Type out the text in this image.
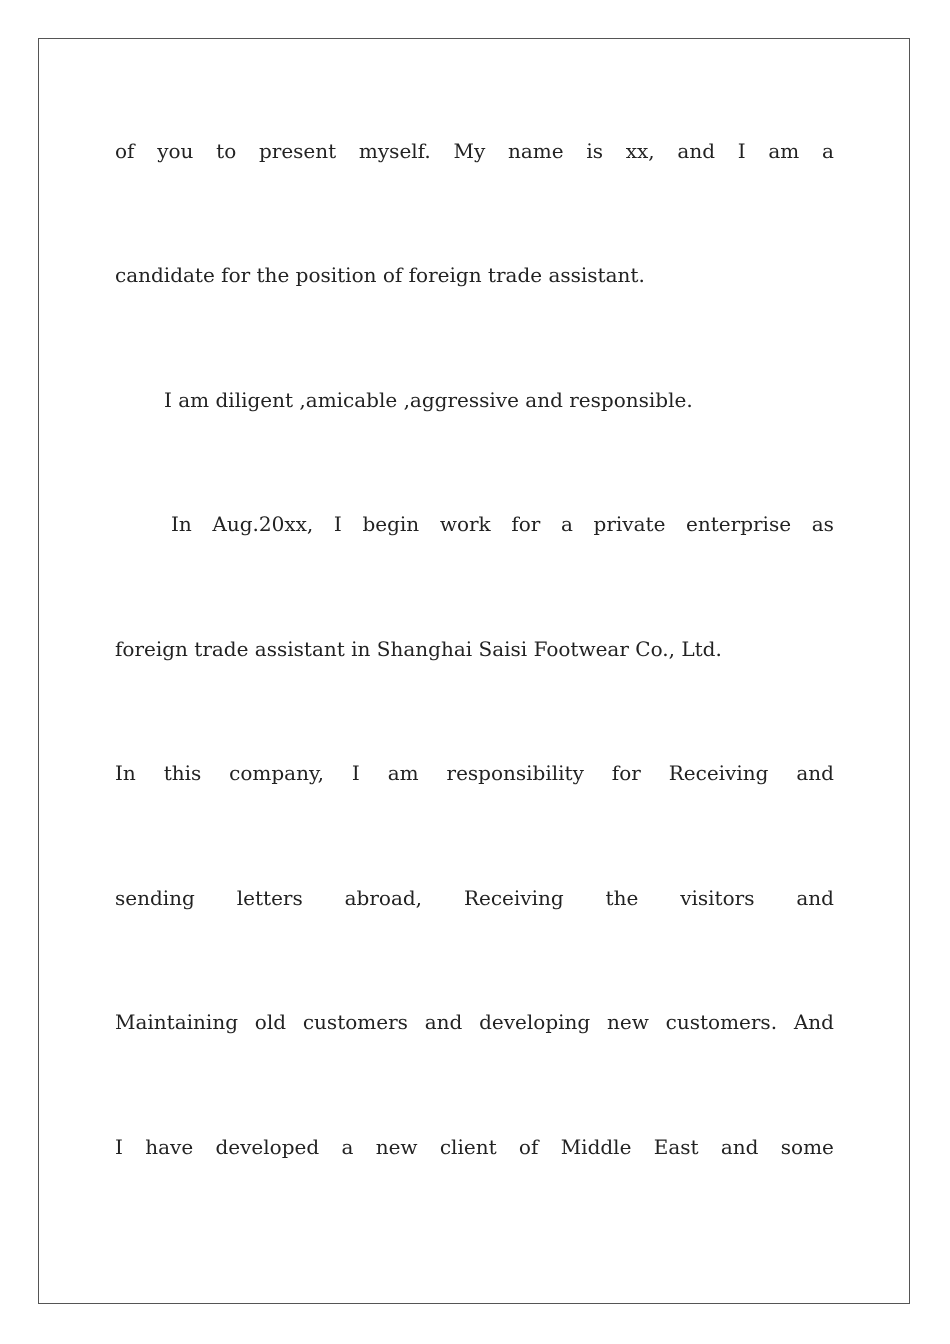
of you to present myself. My name is xx, and I am a
candidate for the position of foreign trade assistant.
I am diligent ,amicable ,aggressive and responsible.
In Aug.20xx, I begin work for a private enterprise as
foreign trade assistant in Shanghai Saisi Footwear Co., Ltd.
In this company, I am responsibility for Receiving and
sending letters abroad, Receiving the visitors and
Maintaining old customers and developing new customers. And
I have developed a new client of Middle East and some
